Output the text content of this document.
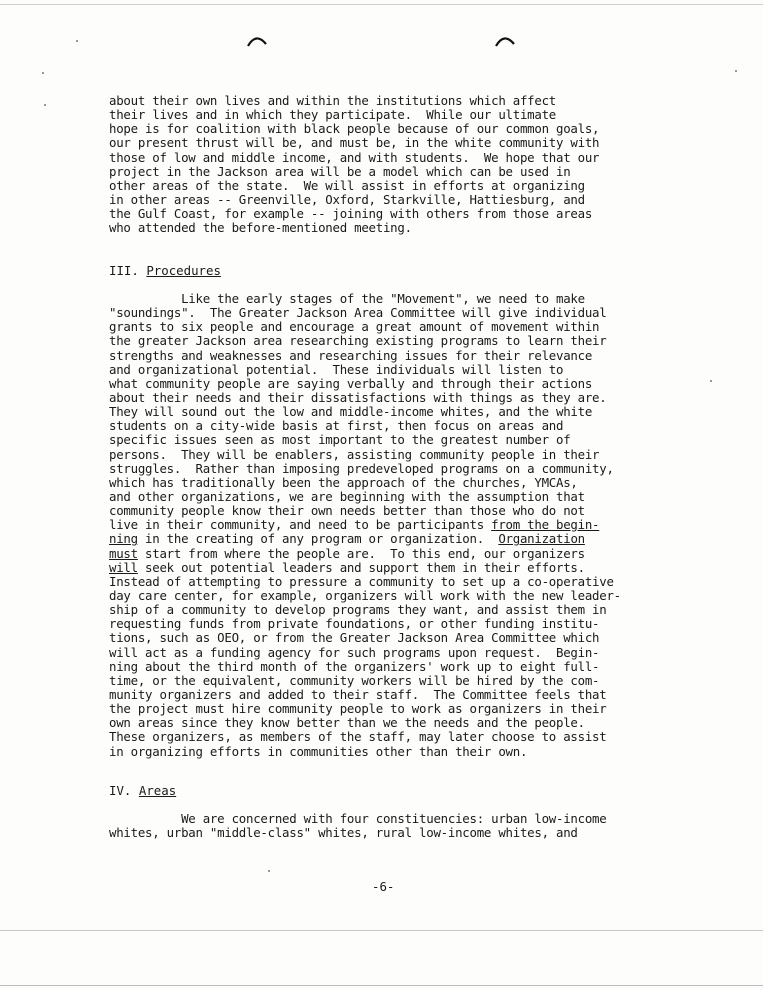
about their own lives and within the institutions which affect
their lives and in which they participate.  While our ultimate
hope is for coalition with black people because of our common goals,
our present thrust will be, and must be, in the white community with
those of low and middle income, and with students.  We hope that our
project in the Jackson area will be a model which can be used in
other areas of the state.  We will assist in efforts at organizing
in other areas -- Greenville, Oxford, Starkville, Hattiesburg, and
the Gulf Coast, for example -- joining with others from those areas
who attended the before-mentioned meeting.
III. Procedures
Like the early stages of the "Movement", we need to make
"soundings".  The Greater Jackson Area Committee will give individual
grants to six people and encourage a great amount of movement within
the greater Jackson area researching existing programs to learn their
strengths and weaknesses and researching issues for their relevance
and organizational potential.  These individuals will listen to
what community people are saying verbally and through their actions
about their needs and their dissatisfactions with things as they are.
They will sound out the low and middle-income whites, and the white
students on a city-wide basis at first, then focus on areas and
specific issues seen as most important to the greatest number of
persons.  They will be enablers, assisting community people in their
struggles.  Rather than imposing predeveloped programs on a community,
which has traditionally been the approach of the churches, YMCAs,
and other organizations, we are beginning with the assumption that
community people know their own needs better than those who do not
live in their community, and need to be participants from the begin-
ning in the creating of any program or organization.  Organization
must start from where the people are.  To this end, our organizers
will seek out potential leaders and support them in their efforts.
Instead of attempting to pressure a community to set up a co-operative
day care center, for example, organizers will work with the new leader-
ship of a community to develop programs they want, and assist them in
requesting funds from private foundations, or other funding institu-
tions, such as OEO, or from the Greater Jackson Area Committee which
will act as a funding agency for such programs upon request.  Begin-
ning about the third month of the organizers' work up to eight full-
time, or the equivalent, community workers will be hired by the com-
munity organizers and added to their staff.  The Committee feels that
the project must hire community people to work as organizers in their
own areas since they know better than we the needs and the people.
These organizers, as members of the staff, may later choose to assist
in organizing efforts in communities other than their own.
IV. Areas
We are concerned with four constituencies: urban low-income
whites, urban "middle-class" whites, rural low-income whites, and
-6-
